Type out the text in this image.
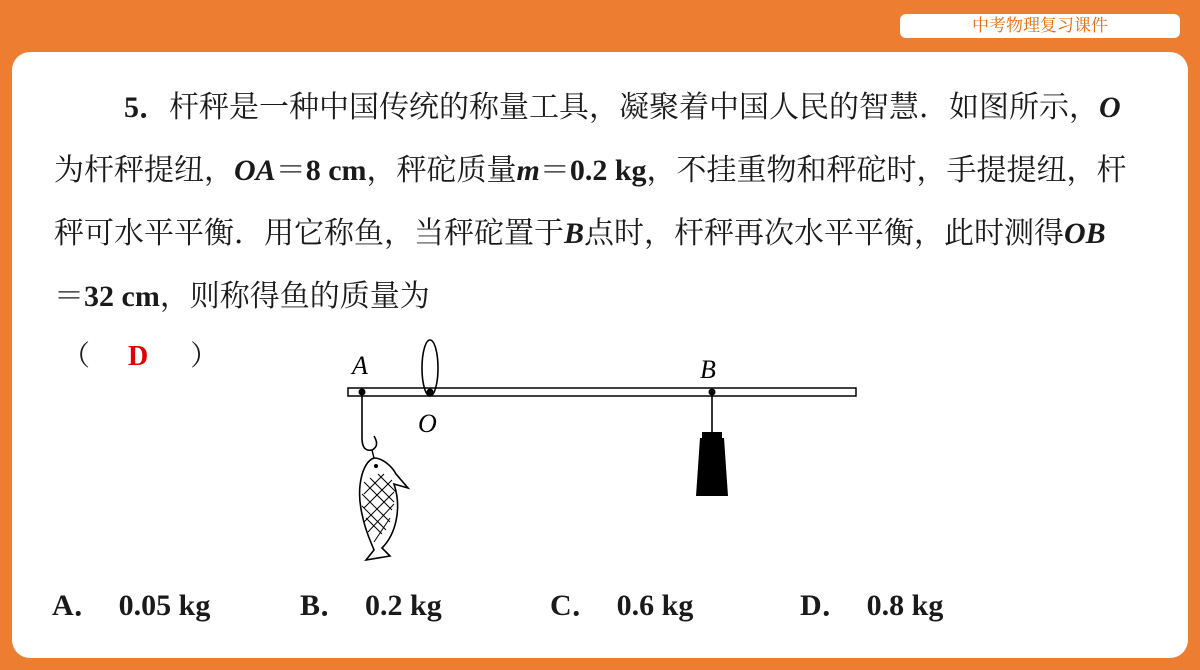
中考物理复习课件

5．杆秤是一种中国传统的称量工具，凝聚着中国人民的智慧．如图所示，O为杆秤提纽，OA＝8 cm，秤砣质量m＝0.2 kg，不挂重物和秤砣时，手提提纽，杆秤可水平平衡．用它称鱼，当秤砣置于B点时，杆秤再次水平平衡，此时测得OB＝32 cm，则称得鱼的质量为

（ D ）	A
O
B
A． 0.05 kg	B． 0.2 kg	C． 0.6 kg	D． 0.8 kg
